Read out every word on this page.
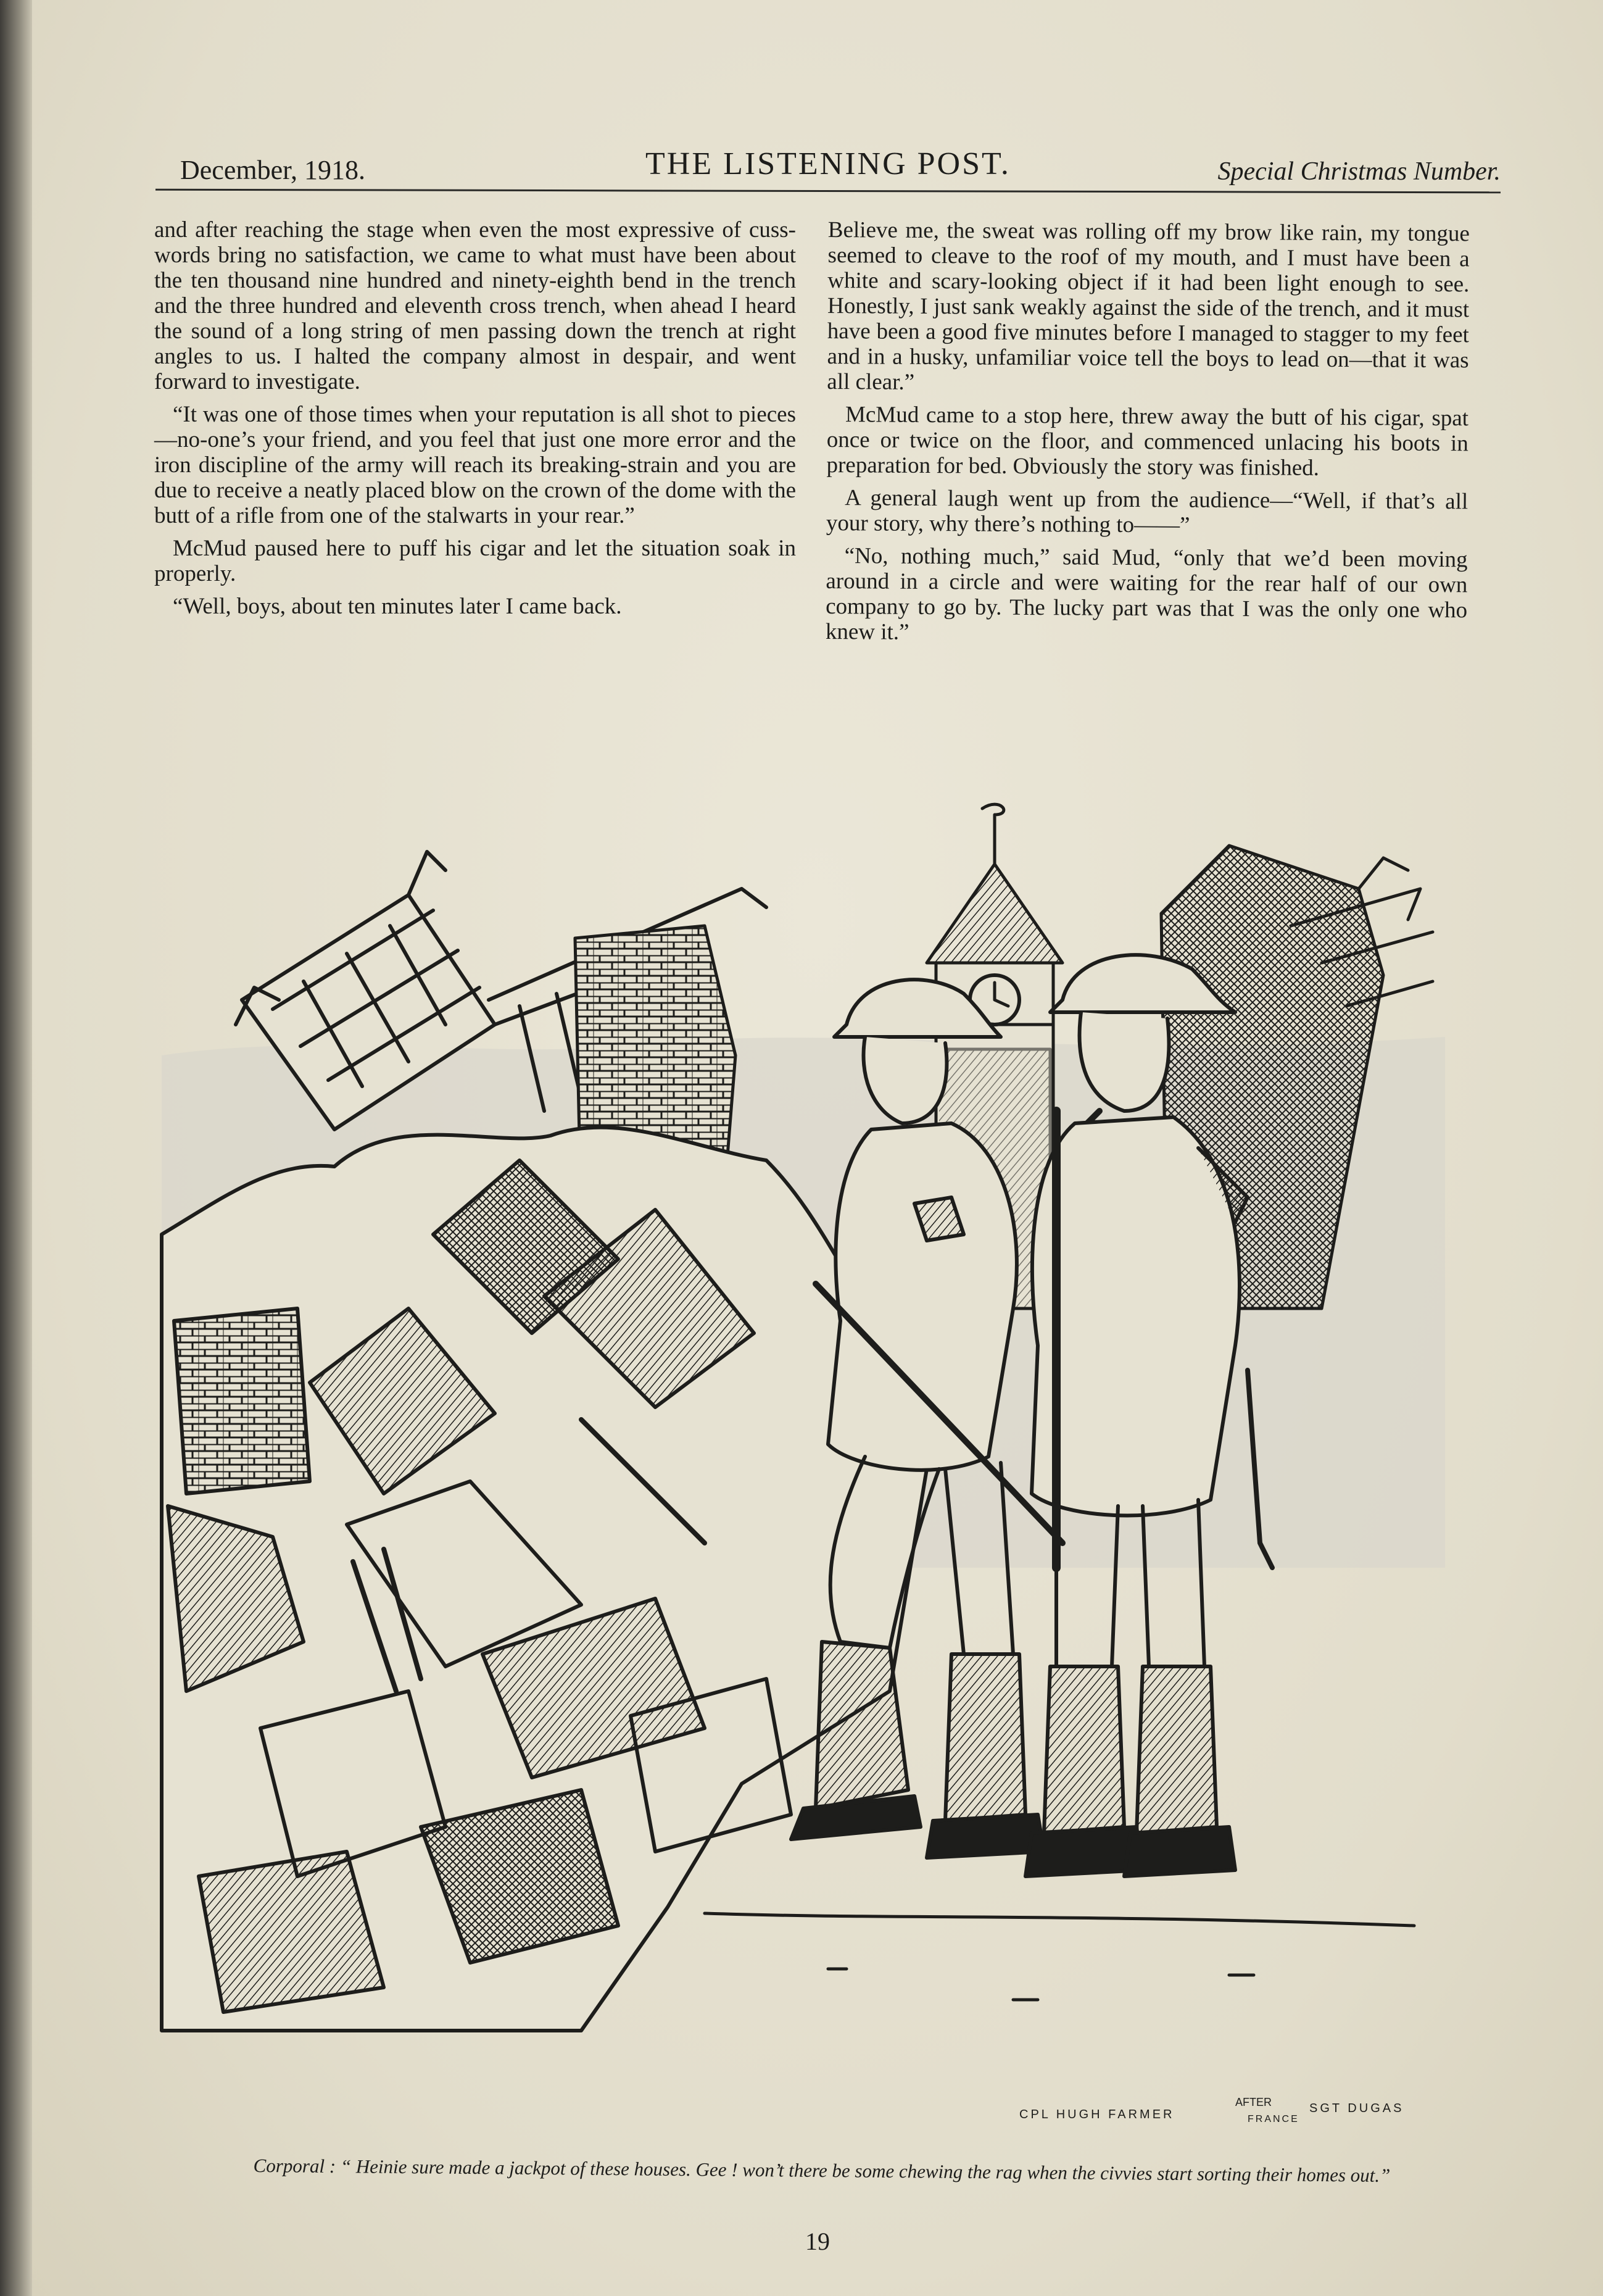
December, 1918.	THE LISTENING POST.	Special Christmas Number.

and after reaching the stage when even the most expressive of cuss-words bring no satisfaction, we came to what must have been about the ten thousand nine hundred and ninety-eighth bend in the trench and the three hundred and eleventh cross trench, when ahead I heard the sound of a long string of men passing down the trench at right angles to us. I halted the company almost in despair, and went forward to investigate.

“It was one of those times when your reputation is all shot to pieces—no-one’s your friend, and you feel that just one more error and the iron discipline of the army will reach its breaking-strain and you are due to receive a neatly placed blow on the crown of the dome with the butt of a rifle from one of the stalwarts in your rear.”

McMud paused here to puff his cigar and let the situation soak in properly.

“Well, boys, about ten minutes later I came back.

Believe me, the sweat was rolling off my brow like rain, my tongue seemed to cleave to the roof of my mouth, and I must have been a white and scary-looking object if it had been light enough to see. Honestly, I just sank weakly against the side of the trench, and it must have been a good five minutes before I managed to stagger to my feet and in a husky, unfamiliar voice tell the boys to lead on—that it was all clear.”

McMud came to a stop here, threw away the butt of his cigar, spat once or twice on the floor, and commenced unlacing his boots in preparation for bed. Obviously the story was finished.

A general laugh went up from the audience—“Well, if that’s all your story, why there’s nothing to——”

“No, nothing much,” said Mud, “only that we’d been moving around in a circle and were waiting for the rear half of our own company to go by. The lucky part was that I was the only one who knew it.”

AFTER
CPL HUGH FARMER	SGT DUGAS
FRANCE
Corporal : “ Heinie sure made a jackpot of these houses. Gee ! won’t there be some chewing the rag when the civvies start sorting their homes out.”
19
